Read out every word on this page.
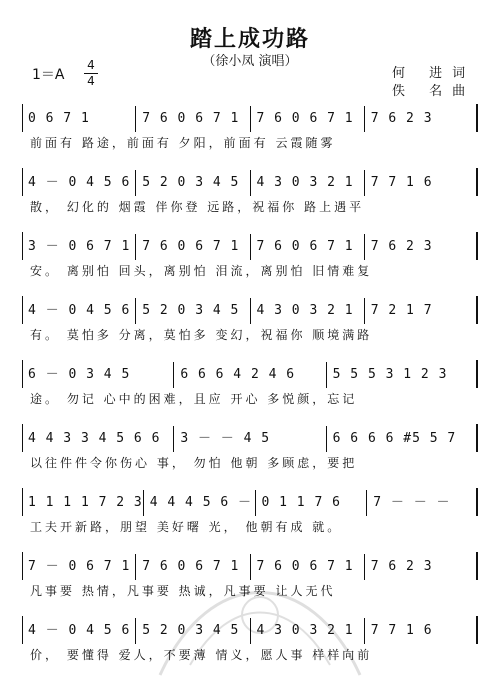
踏上成功路
（徐小凤 演唱）
1＝A
4
4	何 进词
佚 名曲
0 6 7 1	7 6 0 6 7 1	7 6 0 6 7 1	7 6 2 3
前面有 路途，前面有 夕阳，前面有 云霞随雾
4 － 0 4 5 6 5 2 0 3 4 5	4 3 0 3 2 1	7 7 1 6
散， 幻化的 烟霞 伴你登 远路，祝福你 路上遇平
3 － 0 6 7 1 7 6 0 6 7 1	7 6 0 6 7 1	7 6 2 3
安。 离别怕 回头，离别怕 泪流，离别怕 旧情难复
4 － 0 4 5 6 5 2 0 3 4 5	4 3 0 3 2 1	7 2 1 7
有。 莫怕多 分离，莫怕多 变幻，祝福你 顺境满路
6 － 0 3 4 5	6 6 6 4 2 4 6	5 5 5 3 1 2 3
途。 勿记 心中的困难，且应 开心 多悦颜，忘记
4 4 3 3 4 5 6 6	3 － － 4 5	6 6 6 6 #5 5 7
以往件件令你伤心 事， 勿怕 他朝 多顾虑，要把
1 1 1 1 7 2 3 4 4 4 5 6 － 0 1 1 7 6	7 － － －
工夫开新路，朋望 美好曙 光， 他朝有成 就。
7 － 0 6 7 1 7 6 0 6 7 1	7 6 0 6 7 1	7 6 2 3
凡事要 热情，凡事要 热诚，凡事要 让人无代
4 － 0 4 5 6 5 2 0 3 4 5	4 3 0 3 2 1	7 7 1 6
价， 要懂得 爱人，不要薄 情义，愿人事 样样向前
